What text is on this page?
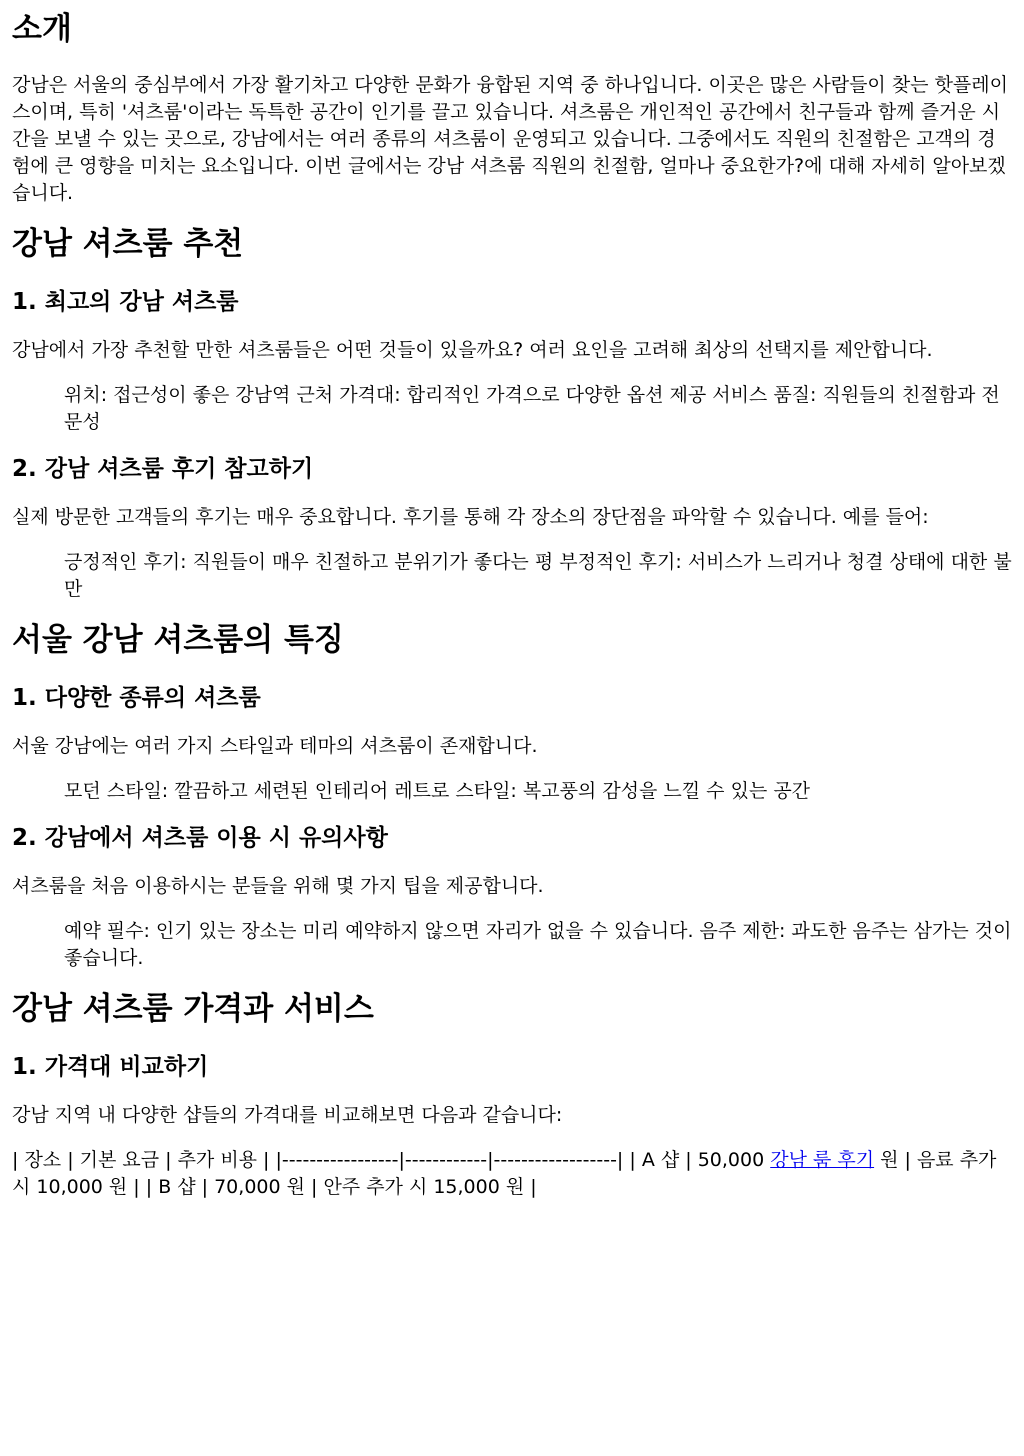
소개

강남은 서울의 중심부에서 가장 활기차고 다양한 문화가 융합된 지역 중 하나입니다. 이곳은 많은 사람들이 찾는 핫플레이스이며, 특히 '셔츠룸'이라는 독특한 공간이 인기를 끌고 있습니다. 셔츠룸은 개인적인 공간에서 친구들과 함께 즐거운 시간을 보낼 수 있는 곳으로, 강남에서는 여러 종류의 셔츠룸이 운영되고 있습니다. 그중에서도 직원의 친절함은 고객의 경험에 큰 영향을 미치는 요소입니다. 이번 글에서는 강남 셔츠룸 직원의 친절함, 얼마나 중요한가?에 대해 자세히 알아보겠습니다.

강남 셔츠룸 추천
1. 최고의 강남 셔츠룸

강남에서 가장 추천할 만한 셔츠룸들은 어떤 것들이 있을까요? 여러 요인을 고려해 최상의 선택지를 제안합니다.

위치: 접근성이 좋은 강남역 근처 가격대: 합리적인 가격으로 다양한 옵션 제공 서비스 품질: 직원들의 친절함과 전문성
2. 강남 셔츠룸 후기 참고하기

실제 방문한 고객들의 후기는 매우 중요합니다. 후기를 통해 각 장소의 장단점을 파악할 수 있습니다. 예를 들어:

긍정적인 후기: 직원들이 매우 친절하고 분위기가 좋다는 평 부정적인 후기: 서비스가 느리거나 청결 상태에 대한 불만
서울 강남 셔츠룸의 특징
1. 다양한 종류의 셔츠룸

서울 강남에는 여러 가지 스타일과 테마의 셔츠룸이 존재합니다.

모던 스타일: 깔끔하고 세련된 인테리어 레트로 스타일: 복고풍의 감성을 느낄 수 있는 공간
2. 강남에서 셔츠룸 이용 시 유의사항

셔츠룸을 처음 이용하시는 분들을 위해 몇 가지 팁을 제공합니다.

예약 필수: 인기 있는 장소는 미리 예약하지 않으면 자리가 없을 수 있습니다. 음주 제한: 과도한 음주는 삼가는 것이 좋습니다.
강남 셔츠룸 가격과 서비스
1. 가격대 비교하기

강남 지역 내 다양한 샵들의 가격대를 비교해보면 다음과 같습니다:

| 장소 | 기본 요금 | 추가 비용 | |-----------------|------------|------------------| | A 샵 | 50,000 강남 룸 후기 원 | 음료 추가 시 10,000 원 | | B 샵 | 70,000 원 | 안주 추가 시 15,000 원 |
